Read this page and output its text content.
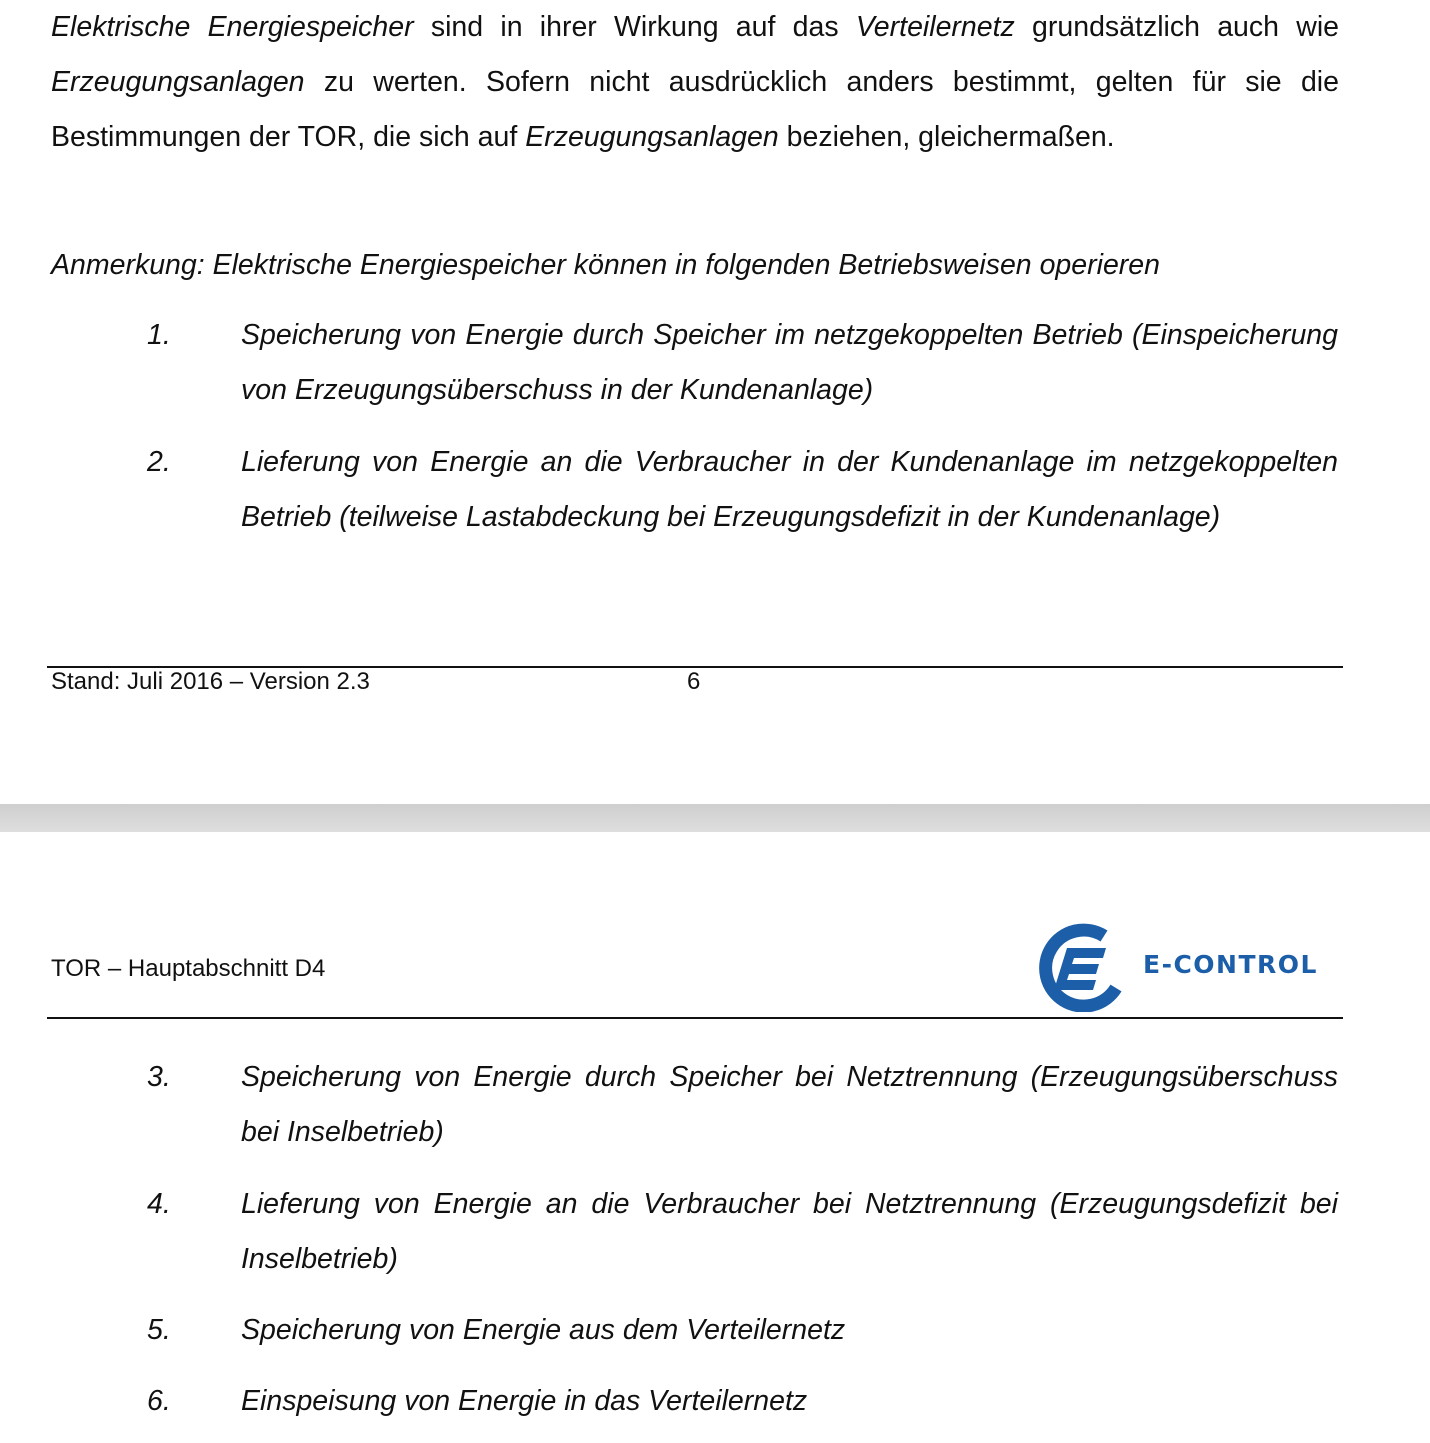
Elektrische Energiespeicher sind in ihrer Wirkung auf das Verteilernetz grundsätzlich auch wie Erzeugungsanlagen zu werten. Sofern nicht ausdrücklich anders bestimmt, gelten für sie die Bestimmungen der TOR, die sich auf Erzeugungsanlagen beziehen, gleichermaßen.
Anmerkung: Elektrische Energiespeicher können in folgenden Betriebsweisen operieren
1. Speicherung von Energie durch Speicher im netzgekoppelten Betrieb (Einspeicherung von Erzeugungsüberschuss in der Kundenanlage)
2. Lieferung von Energie an die Verbraucher in der Kundenanlage im netzgekoppelten Betrieb (teilweise Lastabdeckung bei Erzeugungsdefizit in der Kundenanlage)
Stand: Juli 2016 – Version 2.3	6
TOR – Hauptabschnitt D4	E-CONTROL
3. Speicherung von Energie durch Speicher bei Netztrennung (Erzeugungsüberschuss bei Inselbetrieb)
4. Lieferung von Energie an die Verbraucher bei Netztrennung (Erzeugungsdefizit bei Inselbetrieb)
5. Speicherung von Energie aus dem Verteilernetz
6. Einspeisung von Energie in das Verteilernetz
